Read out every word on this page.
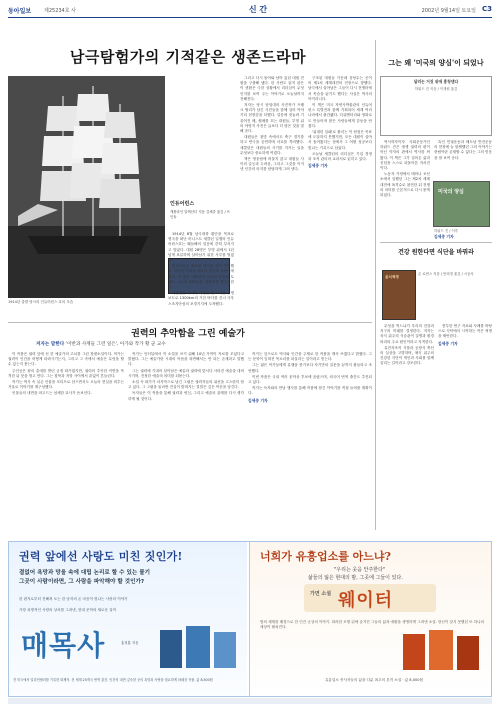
동아일보	제25234호 사	신 간	2002년 9월14일 토요일 C3
남극탐험가의 기적같은 생존드라마
1914년 출발 당시의 인듀어런스 호의 모습
인듀어런스
캐롤라인 알렉산더 지음 김세중 옮김 / 뜨인돌

1914년 8월 남극대륙 횡단을 목표로 영국을 떠난 어니스트 섀클턴 일행의 인듀어런스호는 웨들해의 얼음에 갇혀 부서지고 말았다. 대원 28명은 부빙 위에서 1년 넘게 표류하며 살아남기 위한 사투를 벌였다.

탐험가들은 해표와 펭귄을 잡아 연명했고, 부빙이 갈라질 때마다 생사의 갈림길에 섰다. 이 책은 대원들의 일기와 증언을 토대로 그들의 635일을 생생하게 재구성한다.

섀클턴은 마지막 희망을 걸고 작은 구명보트로 1300km의 거친 바다를 건너 사우스조지아섬의 포경기지에 도착했다.

그리고 다시 돌아와 남아 있던 대원 전원을 구출해 냈다. 한 사람도 잃지 않은 이 귀환은 극한 상황에서 리더십이 무엇인지를 보여 주는 이야기로 오늘날까지 전해진다.

저자는 당시 탐험대의 사진작가 프랭크 헐리가 남긴 사진들을 함께 실어 이야기의 현장감을 더했다. 얼음에 짓눌려 기울어진 배, 썰매를 끄는 대원들, 부빙 위의 야영지 사진은 글보다 더 많은 것을 말해 준다.

대원들은 절망 속에서도 축구 경기를 하고 연극을 공연하며 서로를 격려했다. 섀클턴은 대원들의 사기를 지키는 일을 무엇보다 중요하게 여겼다.

책은 영웅담에 머물지 않고 대원들 사이의 갈등과 두려움, 그리고 그것을 이겨 낸 인간의 의지를 담담하게 그려 낸다.

구조된 대원들 가운데 상당수는 곧이어 제1차 세계대전의 전장으로 향했다. 남극에서 살아남은 그들이 다시 전쟁터에서 목숨을 잃기도 했다는 사실은 역사의 아이러니다.

이 책은 미국 자연사박물관의 인듀어런스 특별전과 함께 기획되어 세계 여러 나라에서 출간됐다. 다큐멘터리와 영화로도 만들어져 많은 사람들에게 감동을 안겼다.

'위대한 실패'로 불리는 이 탐험은 목표에 도달하지 못했지만, 모든 대원이 살아서 돌아왔다는 점에서 그 어떤 성공보다 빛나는 기록으로 남았다.

오늘날 섀클턴의 리더십은 기업 경영과 조직 관리의 교과서로 읽히고 있다.

김세중 기자

그는 왜 '미국의 양심'이 되었나
달러는 거짓 위에 흥청댄다
하워드 진 지음 / 이재원 옮김

역사학자이자 사회운동가인 하워드 진은 평생 권력의 편이 아닌 약자의 편에서 역사를 써 왔다. 이 책은 그가 걸어온 삶과 신념을 스스로 되돌아본 자서전이다.

노동자 가정에서 태어나 조선소에서 일했던 그는 제2차 세계대전에 폭격수로 참전한 뒤 전쟁의 의미를 근본적으로 다시 묻게 되었다.

흑인 민권운동과 베트남 반전운동의 현장에 늘 함께했던 그의 이야기는 중립이란 존재할 수 없다는 그의 믿음을 잘 보여 준다.

미국의 양심
하워드 진 / 이후

김세중 기자

건강 원한다면 식단을 바꿔라
음식혁명
존 로빈스 지음 / 안의정 옮김 / 시공사

무엇을 먹느냐가 우리의 건강과 지구의 미래를 결정한다. 저자는 육식 위주의 식습관이 질병과 환경 파괴의 주요 원인이라고 지적한다.

유전자조작 식품과 공장식 축산의 실상을 고발하며, 채식 위주의 건강한 식단이 개인과 사회를 함께 살리는 길이라고 강조한다.

풍부한 연구 자료와 사례를 바탕으로 식탁에서 시작하는 작은 혁명을 제안한다.

김세중 기자

권력의 추악함을 그린 예술가
저자는 말한다 '이반과 사재들 그런 일은', 아가와 작가 황 군 교수

이 작품은 권력 앞에 선 한 예술가의 고뇌를 그린 장편소설이다. 작가는 권력이 인간을 어떻게 타락시키는지, 그리고 그 속에서 예술은 무엇을 할 수 있는지 묻는다.

주인공은 왕의 총애를 받던 궁정 화가였지만, 권력의 추악한 이면을 목격한 뒤 붓을 꺾고 만다. 그는 침묵과 저항 사이에서 끝없이 흔들린다.

작가는 역사 속 실존 인물을 모티프로 삼으면서도 오늘의 현실을 비추는 거울로 이야기를 재구성했다.

인물들의 내면을 파고드는 섬세한 묘사가 돋보인다.

작가는 인터뷰에서 이 소설을 쓰기 위해 10년 가까이 자료를 모았다고 밝혔다. 그는 예술가란 시대의 아픔을 외면해서는 안 되는 존재라고 말했다.

그는 권력에 기대어 살아남은 예술과 권력에 맞서다 사라진 예술을 대비시키며, 진정한 예술의 의미를 되묻는다.

소설 속 화가가 마지막으로 남긴 그림은 권력자들의 위선을 고스란히 담고 있다. 그 그림을 둘러싼 진실이 밝혀지는 결말은 깊은 여운을 남긴다.

독자들은 이 작품을 통해 권력과 양심, 그리고 예술의 관계를 다시 생각하게 될 것이다.

작가는 앞으로도 역사와 인간을 주제로 한 작품을 계속 쓰겠다고 밝혔다. 그는 문학이 잊혀진 목소리를 되살리는 일이라고 믿는다.

그는 젊은 작가들에게 유행을 좇기보다 자기만의 질문을 끝까지 붙들라고 조언했다.

이번 작품은 국내 여러 문학상 후보에 올랐으며, 외국어 번역 출간도 추진되고 있다.

작가는 독자와의 만남 행사를 통해 작품에 담긴 이야기를 직접 들려줄 계획이다.

김세중 기자

권력 앞에선 사랑도 미친 짓인가!
결없어 욕망과 망울 속에 대립 논리로 할 수 있는 물기
그곳이 사람이라면, 그 사람을 파악해야 할 것인가?
한 편지로부터 전해져 오는 한 남자의 온 마음이 빛나는 사랑의 이야기
가장 치명적인 사랑의 상처를 그려낸, 현대 문학의 새로운 걸작
매목사	홍정훈 지음
전 미국에서 밀리언셀러를 기록한 화제작. 전 세계 25개국 번역 출간. 인간의 내면 깊숙한 곳의 욕망과 사랑을 집요하게 파헤친 작품. 값 8,500원
너희가 유흥업소를 아느냐?
"우리는 웃음 안주한다"
삶들의 잃은 현대의 밤, 그곳에 그들이 있다.
가면 소설 웨이터
밤의 세계를 배경으로 한 인간 군상의 이야기. 화려한 조명 뒤에 숨겨진 그들의 삶과 애환을 생생하게 그려낸 소설. 당신이 알지 못했던 또 하나의 세상이 펼쳐진다.
유흥업소 종사자들의 삶을 다룬 최초의 본격 소설 · 값 8,000원
